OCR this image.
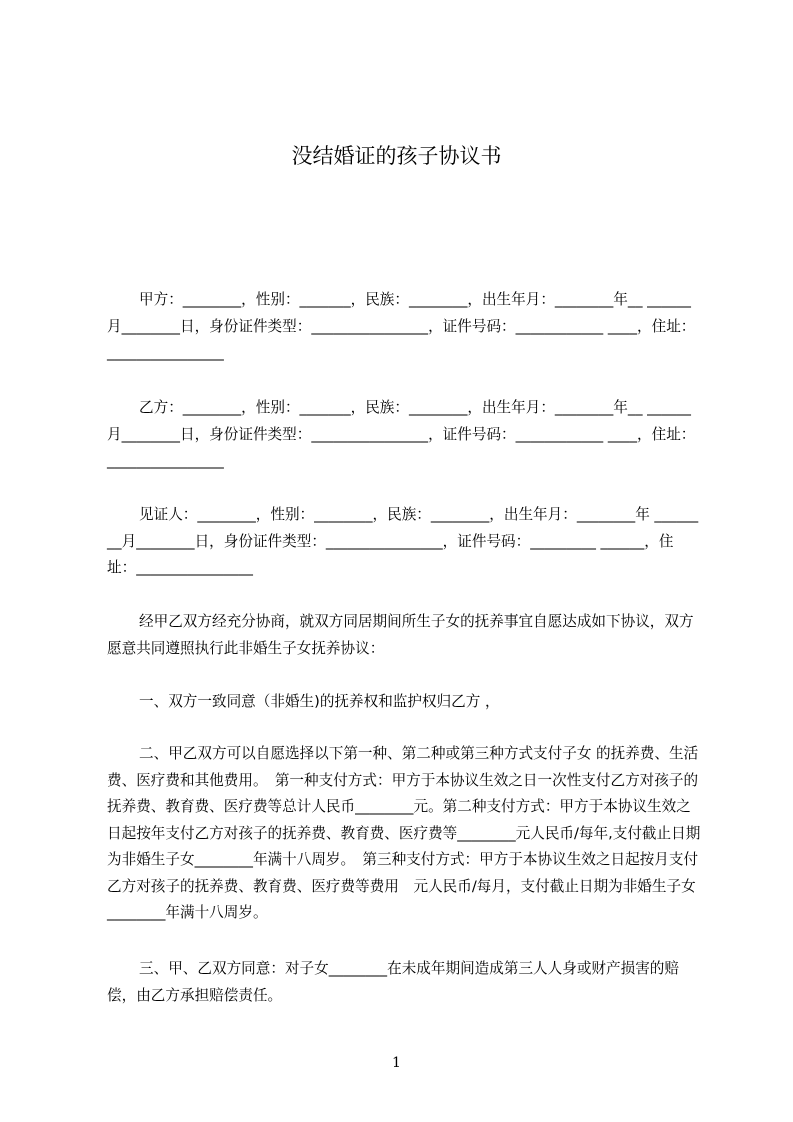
没结婚证的孩子协议书

甲方：________，性别：_______，民族：________，出生年月：________年__ ______月________日，身份证件类型：________________，证件号码：____________ ____，住址：________________

乙方：________，性别：_______，民族：________，出生年月：________年__ ______月________日，身份证件类型：________________，证件号码：____________ ____，住址：________________

见证人：________，性别：________，民族：________，出生年月：________年 ________月________日，身份证件类型：________________，证件号码：_________ ______，住址：________________

经甲乙双方经充分协商，就双方同居期间所生子女的抚养事宜自愿达成如下协议，双方愿意共同遵照执行此非婚生子女抚养协议：

一、双方一致同意（非婚生)的抚养权和监护权归乙方 ，

二、甲乙双方可以自愿选择以下第一种、第二种或第三种方式支付子女 的抚养费、生活费、医疗费和其他费用。　第一种支付方式：甲方于本协议生效之日一次性支付乙方对孩子的抚养费、教育费、医疗费等总计人民币________元。第二种支付方式：甲方于本协议生效之日起按年支付乙方对孩子的抚养费、教育费、医疗费等________元人民币/每年,支付截止日期为非婚生子女________年满十八周岁。　第三种支付方式：甲方于本协议生效之日起按月支付乙方对孩子的抚养费、教育费、医疗费等费用　元人民币/每月，支付截止日期为非婚生子女________年满十八周岁。

三、甲、乙双方同意：对子女________在未成年期间造成第三人人身或财产损害的赔偿，由乙方承担赔偿责任。

1
